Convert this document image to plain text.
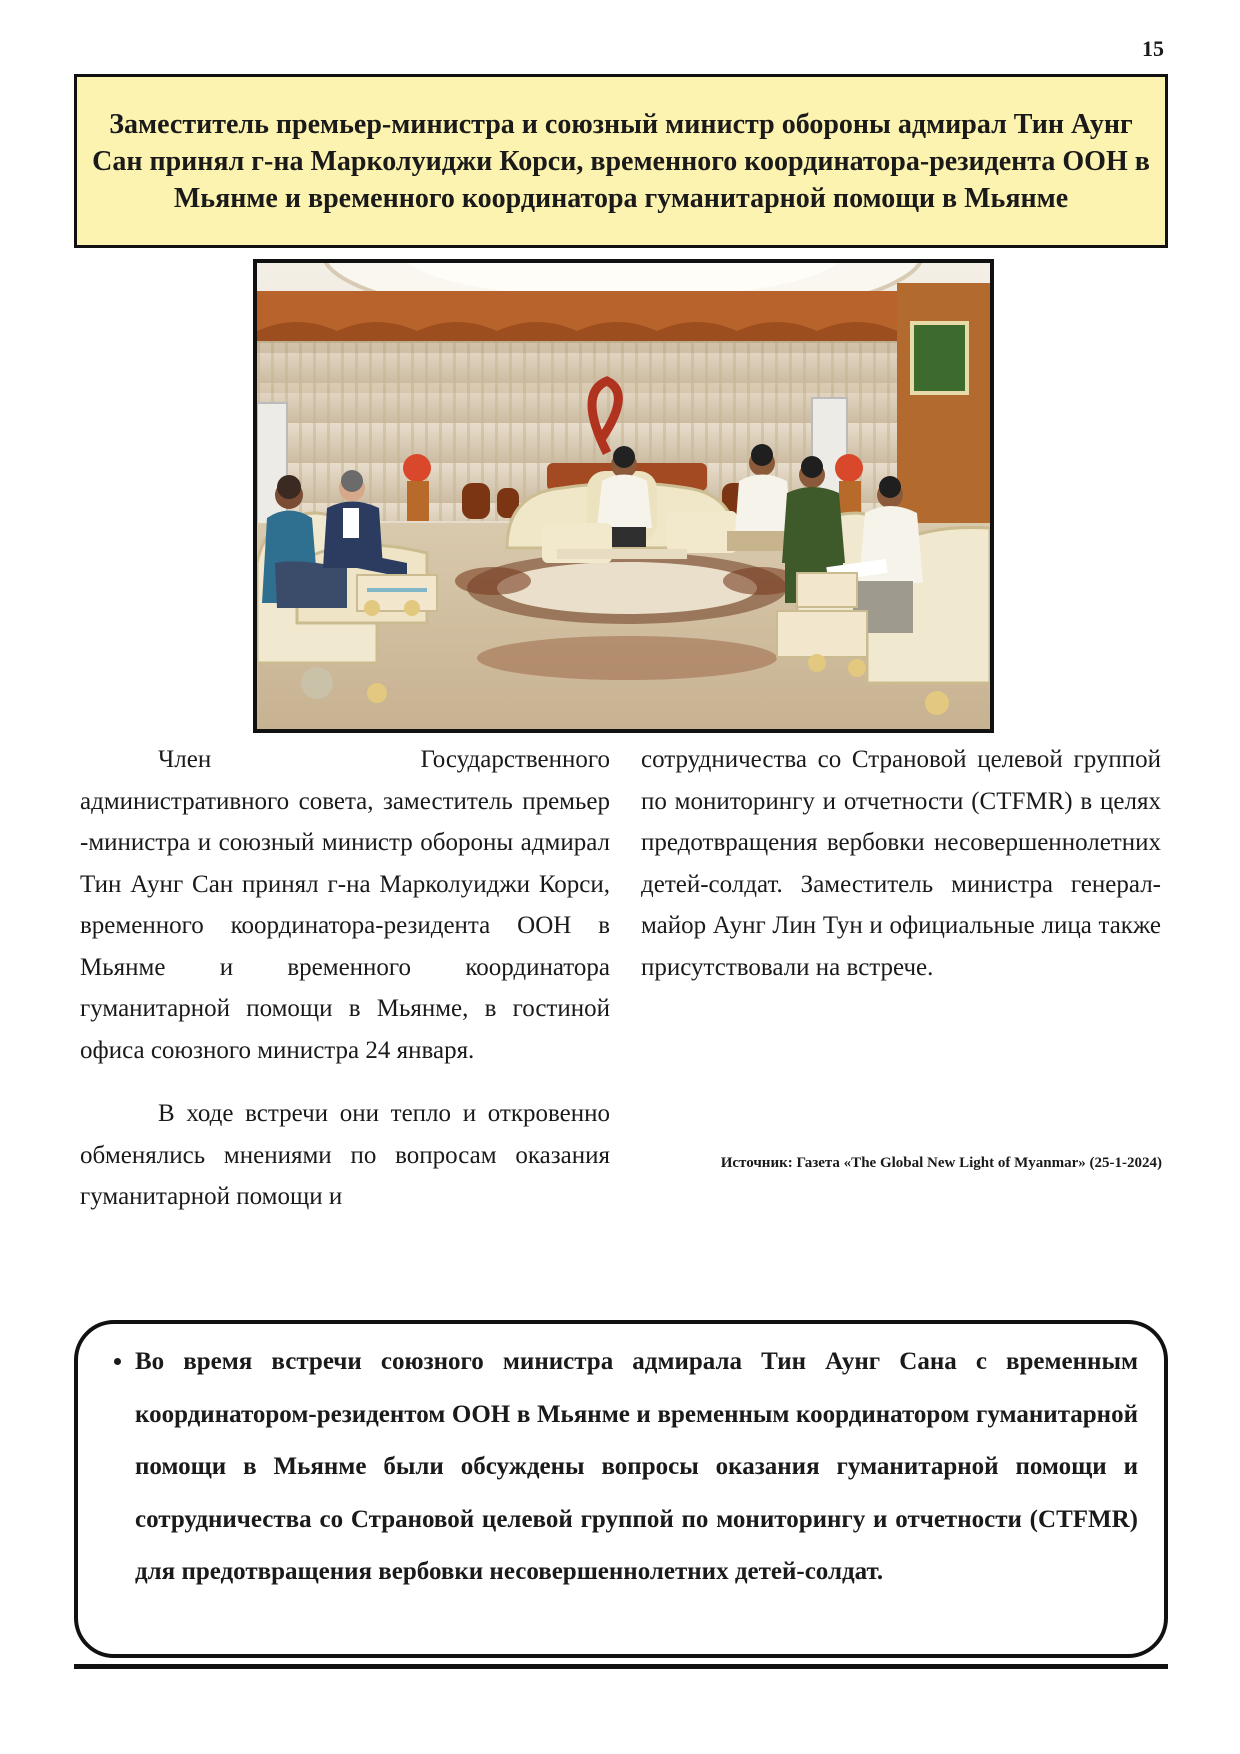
15
Заместитель премьер-министра и союзный министр обороны адмирал Тин Аунг Сан принял г-на Марколуиджи Корси, временного координатора-резидента ООН в Мьянме и временного координатора гуманитарной помощи в Мьянме

Член Государственного административного совета, заместитель премьер -министра и союзный министр обороны адмирал Тин Аунг Сан принял г-на Марколуиджи Корси, временного координатора-резидента ООН в Мьянме и временного координатора гуманитарной помощи в Мьянме, в гостиной офиса союзного министра 24 января.

В ходе встречи они тепло и откровенно обменялись мнениями по вопросам оказания гуманитарной помощи и

сотрудничества со Страновой целевой группой по мониторингу и отчетности (CTFMR) в целях предотвращения вербовки несовершеннолетних детей-солдат. Заместитель министра генерал-майор Аунг Лин Тун и официальные лица также присутствовали на встрече.

Источник: Газета «The Global New Light of Myanmar» (25-1-2024)
• Во время встречи союзного министра адмирала Тин Аунг Сана с временным координатором-резидентом ООН в Мьянме и временным координатором гуманитарной помощи в Мьянме были обсуждены вопросы оказания гуманитарной помощи и сотрудничества со Страновой целевой группой по мониторингу и отчетности (CTFMR) для предотвращения вербовки несовершеннолетних детей-солдат.
